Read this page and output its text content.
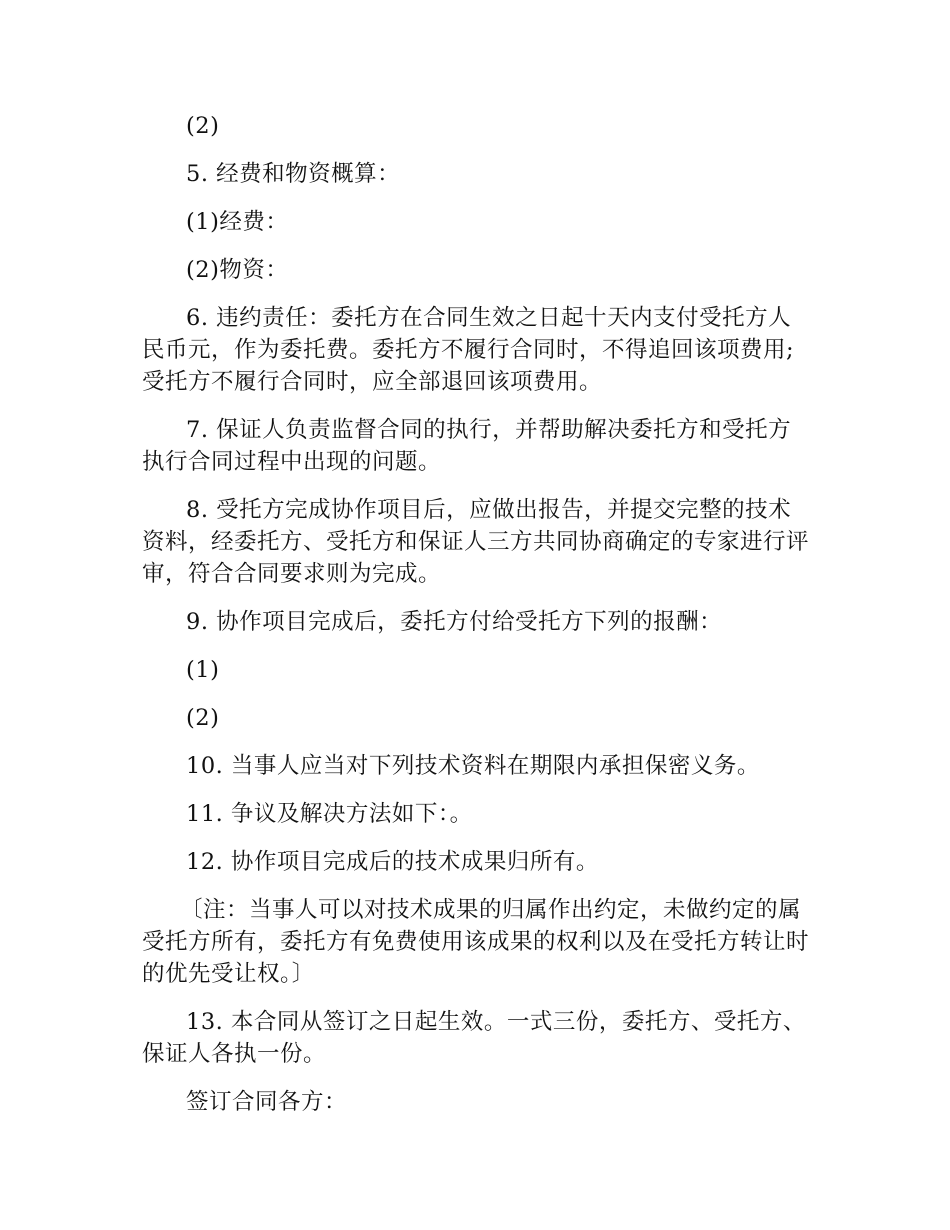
(2)

5. 经费和物资概算：

(1)经费：

(2)物资：

6. 违约责任：委托方在合同生效之日起十天内支付受托方人民币元，作为委托费。委托方不履行合同时，不得追回该项费用;受托方不履行合同时，应全部退回该项费用。

7. 保证人负责监督合同的执行，并帮助解决委托方和受托方执行合同过程中出现的问题。

8. 受托方完成协作项目后，应做出报告，并提交完整的技术资料，经委托方、受托方和保证人三方共同协商确定的专家进行评审，符合合同要求则为完成。

9. 协作项目完成后，委托方付给受托方下列的报酬：

(1)

(2)

10. 当事人应当对下列技术资料在期限内承担保密义务。

11. 争议及解决方法如下：。

12. 协作项目完成后的技术成果归所有。

〔注：当事人可以对技术成果的归属作出约定，未做约定的属受托方所有，委托方有免费使用该成果的权利以及在受托方转让时的优先受让权。〕

13. 本合同从签订之日起生效。一式三份，委托方、受托方、保证人各执一份。

签订合同各方：
